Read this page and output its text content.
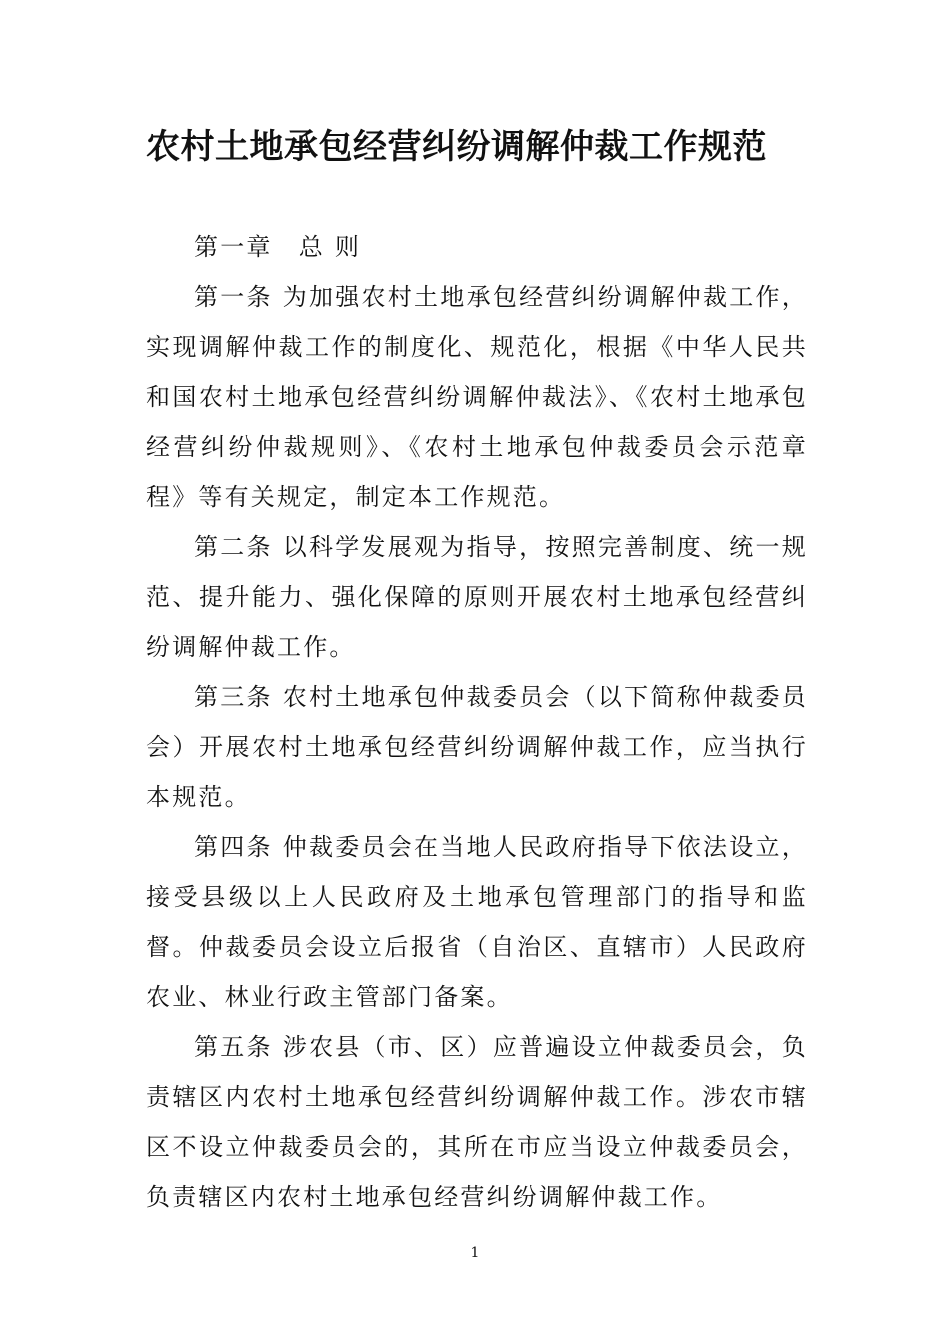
农村土地承包经营纠纷调解仲裁工作规范

第一章　总 则

第一条 为加强农村土地承包经营纠纷调解仲裁工作，实现调解仲裁工作的制度化、规范化，根据《中华人民共和国农村土地承包经营纠纷调解仲裁法》、《农村土地承包经营纠纷仲裁规则》、《农村土地承包仲裁委员会示范章程》等有关规定，制定本工作规范。

第二条 以科学发展观为指导，按照完善制度、统一规范、提升能力、强化保障的原则开展农村土地承包经营纠纷调解仲裁工作。

第三条 农村土地承包仲裁委员会（以下简称仲裁委员会）开展农村土地承包经营纠纷调解仲裁工作，应当执行本规范。

第四条 仲裁委员会在当地人民政府指导下依法设立，接受县级以上人民政府及土地承包管理部门的指导和监督。仲裁委员会设立后报省（自治区、直辖市）人民政府农业、林业行政主管部门备案。

第五条 涉农县（市、区）应普遍设立仲裁委员会，负责辖区内农村土地承包经营纠纷调解仲裁工作。涉农市辖区不设立仲裁委员会的，其所在市应当设立仲裁委员会，负责辖区内农村土地承包经营纠纷调解仲裁工作。

1
